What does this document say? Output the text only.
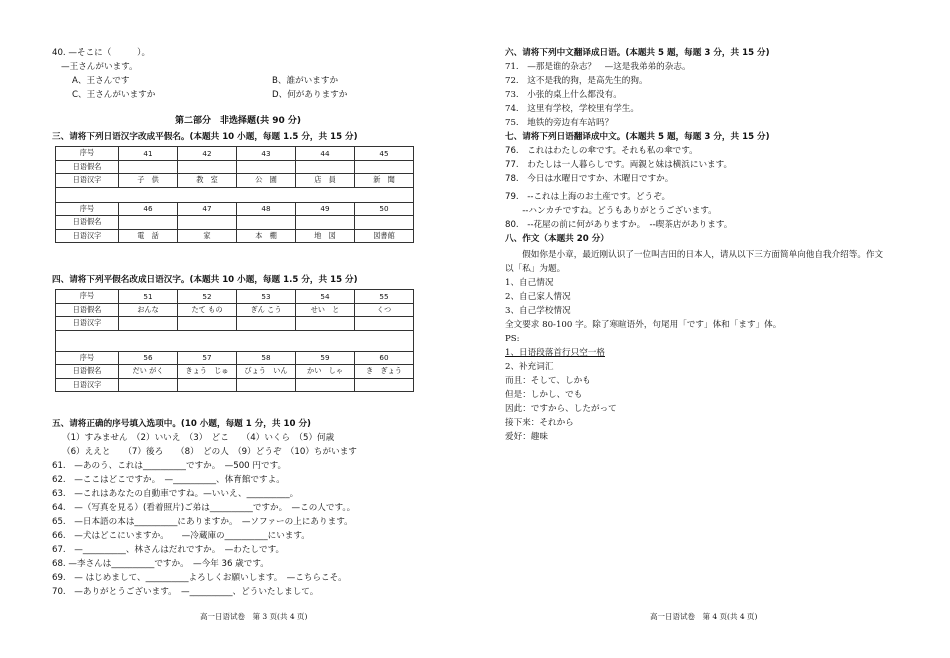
40. —そこに（　　　）。
—王さんがいます。
A、王さんです	B、誰がいますか
C、王さんがいますか	D、何がありますか
第二部分　非选择题(共 90 分)
三、请将下列日语汉字改成平假名。(本题共 10 小题，每题 1.5 分，共 15 分)
序号	41	42	43	44	45
日语假名					
日语汉字	子　供	教　室	公　園	店　員	新　聞

序号	46	47	48	49	50
日语假名					
日语汉字	電　話	家	本　棚	地　図	図書館
四、请将下列平假名改成日语汉字。(本题共 10 小题，每题 1.5 分，共 15 分)
序号	51	52	53	54	55
日语假名	おんな	たて もの	ぎん こう	せい　と	くつ
日语汉字					

序号	56	57	58	59	60
日语假名	だい がく	きょう　じゅ	びょう　いん	かい　しゃ	き　ぎょう
日语汉字					
五、请将正确的序号填入选项中。(10 小题，每题 1 分，共 10 分)
（1）すみません　（2）いいえ　（3）　どこ　　（4）いくら　（5）何歳
（6）ええと　　（7）後ろ　　（8）　どの人　（9）どうぞ　（10）ちがいます
61.　—あのう、これは__________ですか。　—500 円です。
62.　—ここはどこですか。　—__________、体育館ですよ。
63.　—これはあなたの自動車ですね。—いいえ、__________。
64.　—（写真を見る）(看着照片)ご弟は__________ですか。　—この人です。。
65.　—日本語の本は__________にありますか。　—ソファーの上にあります。
66.　—犬はどこにいますか。　　—冷蔵庫の__________にいます。
67.　—__________、林さんはだれですか。　—わたしです。
68. —李さんは__________ですか。　—今年 36 歳です。
69.　— はじめまして、__________よろしくお願いします。　—こちらこそ。
70.　—ありがとうございます。　—__________、どういたしまして。
高一日语试卷　第 3 页(共 4 页)
六、请将下列中文翻译成日语。(本题共 5 题，每题 3 分，共 15 分)
71.　—那是谁的杂志？　—这是我弟弟的杂志。
72.　这不是我的狗，是高先生的狗。
73.　小张的桌上什么都没有。
74.　这里有学校，学校里有学生。
75.　地铁的旁边有车站吗？
七、请将下列日语翻译成中文。(本题共 5 题，每题 3 分，共 15 分)
76.　これはわたしの傘です。それも私の傘です。
77.　わたしは一人暮らしです。両親と妹は横浜にいます。
78.　今日は水曜日ですか、木曜日ですか。
79.　--これは上海のお土産です。どうぞ。
　　--ハンカチですね。どうもありがとうございます。
80.　--花屋の前に何がありますか。　--喫茶店があります。
八、作文（本题共 20 分）
　　假如你是小章，最近刚认识了一位叫吉田的日本人，请从以下三方面简单向他自我介绍等。作文
以「私」为题。
1、自己情况
2、自己家人情况
3、自己学校情况
全文要求 80-100 字。除了寒暄语外，句尾用「です」体和「ます」体。
PS:
1、日语段落首行只空一格
2、补充词汇
而且：そして、しかも
但是：しかし、でも
因此：ですから、したがって
接下来：それから
爱好：趣味
高一日语试卷　第 4 页(共 4 页)
